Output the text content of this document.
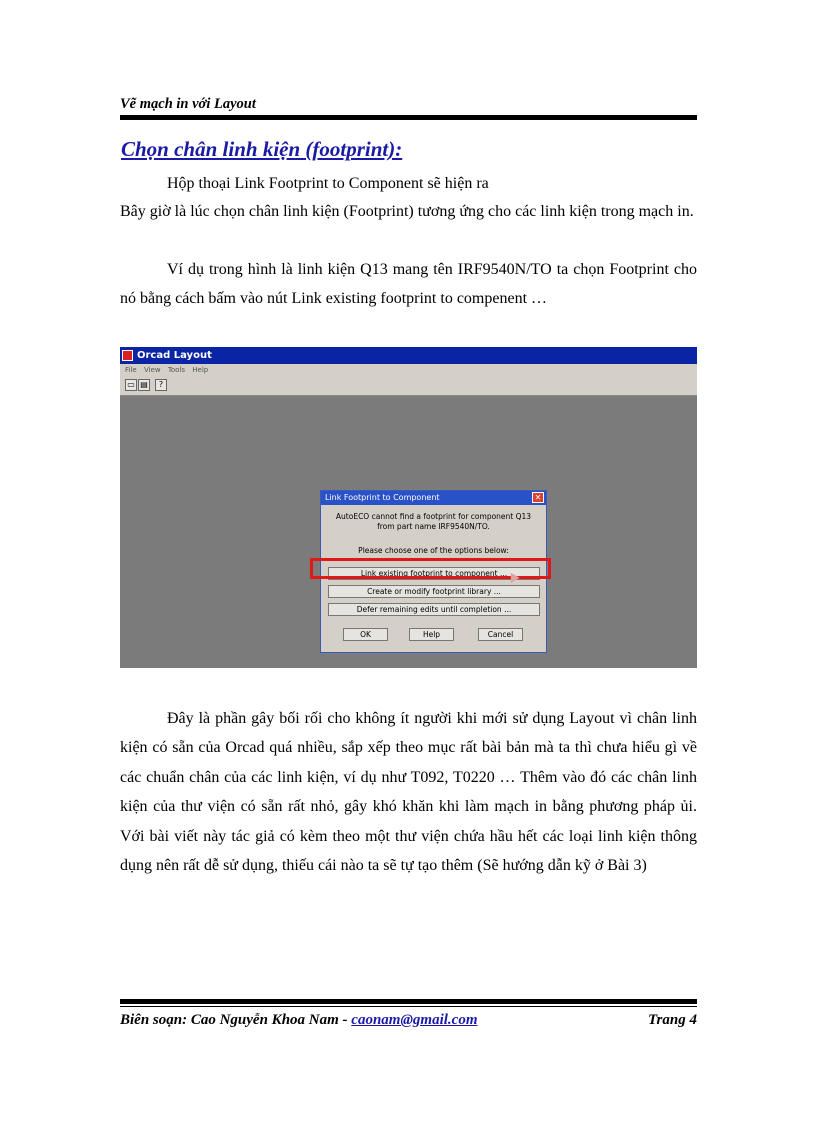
Vẽ mạch in với Layout
Chọn chân linh kiện (footprint):
Hộp thoại Link Footprint to Component sẽ hiện ra
Bây giờ là lúc chọn chân linh kiện (Footprint) tương ứng cho các linh kiện trong mạch in.
Ví dụ trong hình là linh kiện Q13 mang tên IRF9540N/TO ta chọn Footprint cho nó bằng cách bấm vào nút Link existing footprint to compenent …
Orcad Layout
File View Tools Help
▭ ▤	?
Link Footprint to Component	✕
AutoECO cannot find a footprint for component Q13
from part name IRF9540N/TO.
Please choose one of the options below:
Link existing footprint to component ...
Create or modify footprint library ...
Defer remaining edits until completion ...
OK	Help	Cancel
Đây là phần gây bối rối cho không ít người khi mới sử dụng Layout vì chân linh kiện có sẵn của Orcad quá nhiều, sắp xếp theo mục rất bài bản mà ta thì chưa hiểu gì về các chuẩn chân của các linh kiện, ví dụ như T092, T0220 … Thêm vào đó các chân linh kiện của thư viện có sẵn rất nhỏ, gây khó khăn khi làm mạch in bằng phương pháp ủi. Với bài viết này tác giả có kèm theo một thư viện chứa hầu hết các loại linh kiện thông dụng nên rất dễ sử dụng, thiếu cái nào ta sẽ tự tạo thêm (Sẽ hướng dẫn kỹ ở Bài 3)
Biên soạn: Cao Nguyễn Khoa Nam - caonam@gmail.com	Trang 4
